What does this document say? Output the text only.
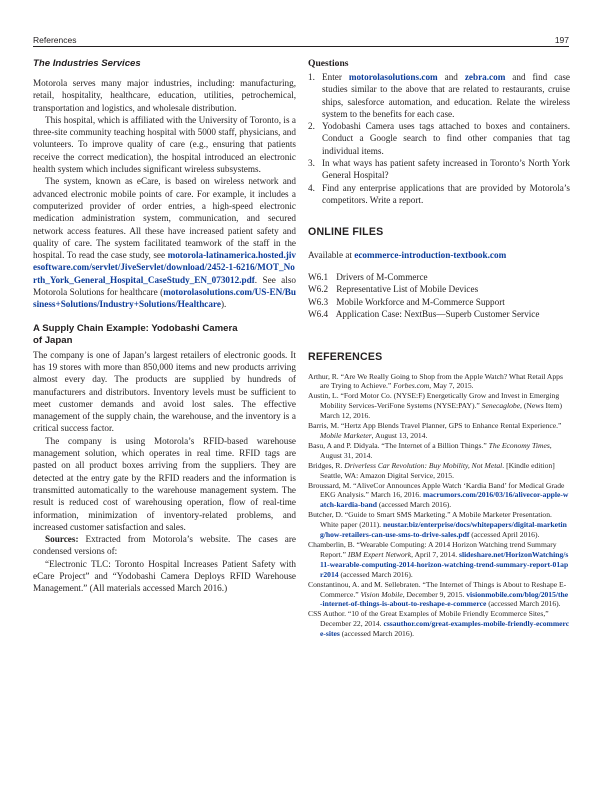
References	197
The Industries Services

Motorola serves many major industries, including: manufacturing, retail, hospitality, healthcare, education, utilities, petrochemical, transportation and logistics, and wholesale distribution.

This hospital, which is affiliated with the University of Toronto, is a three-site community teaching hospital with 5000 staff, physicians, and volunteers. To improve quality of care (e.g., ensuring that patients receive the correct medication), the hospital introduced an electronic health system which includes significant wireless subsystems.

The system, known as eCare, is based on wireless network and advanced electronic mobile points of care. For example, it includes a computerized provider of order entries, a high-speed electronic medication administration system, communication, and secured network access features. All these have increased patient safety and quality of care. The system facilitated teamwork of the staff in the hospital. To read the case study, see motorola-latinamerica.hosted.jivesoftware.com/servlet/JiveServlet/download/2452-1-6216/MOT_North_York_General_Hospital_CaseStudy_EN_073012.pdf. See also Motorola Solutions for healthcare (motorolasolutions.com/US-EN/Business+Solutions/Industry+Solutions/Healthcare).

A Supply Chain Example: Yodobashi Camera
of Japan

The company is one of Japan’s largest retailers of electronic goods. It has 19 stores with more than 850,000 items and new products arriving almost every day. The products are supplied by hundreds of manufacturers and distributors. Inventory levels must be sufficient to meet customer demands and avoid lost sales. The effective management of the supply chain, the warehouse, and the inventory is a critical success factor.

The company is using Motorola’s RFID-based warehouse management solution, which operates in real time. RFID tags are pasted on all product boxes arriving from the suppliers. They are detected at the entry gate by the RFID readers and the information is transmitted automatically to the warehouse management system. The result is reduced cost of warehousing operation, flow of real-time information, minimization of inventory-related problems, and increased customer satisfaction and sales.

Sources: Extracted from Motorola’s website. The cases are condensed versions of:

“Electronic TLC: Toronto Hospital Increases Patient Safety with eCare Project” and “Yodobashi Camera Deploys RFID Warehouse Management.” (All materials accessed March 2016.)

Questions
1. Enter motorolasolutions.com and zebra.com and find case studies similar to the above that are related to restaurants, cruise ships, salesforce automation, and education. Relate the wireless system to the benefits for each case.
2. Yodobashi Camera uses tags attached to boxes and containers. Conduct a Google search to find other companies that tag individual items.
3. In what ways has patient safety increased in Toronto’s North York General Hospital?
4. Find any enterprise applications that are provided by Motorola’s competitors. Write a report.
ONLINE FILES

Available at ecommerce-introduction-textbook.com

W6.1 Drivers of M-Commerce
W6.2 Representative List of Mobile Devices
W6.3 Mobile Workforce and M-Commerce Support
W6.4 Application Case: NextBus—Superb Customer Service
REFERENCES
Arthur, R. “Are We Really Going to Shop from the Apple Watch? What Retail Apps are Trying to Achieve.” Forbes.com, May 7, 2015.
Austin, L. “Ford Motor Co. (NYSE:F) Energetically Grow and Invest in Emerging Mobility Services-VeriFone Systems (NYSE:PAY).” Senecaglobe, (News Item) March 12, 2016.
Barris, M. “Hertz App Blends Travel Planner, GPS to Enhance Rental Experience.” Mobile Marketer, August 13, 2014.
Basu, A and P. Didyala. “The Internet of a Billion Things.” The Economy Times, August 31, 2014.
Bridges, R. Driverless Car Revolution: Buy Mobility, Not Metal. [Kindle edition] Seattle, WA: Amazon Digital Service, 2015.
Broussard, M. “AliveCor Announces Apple Watch ‘Kardia Band’ for Medical Grade EKG Analysis.” March 16, 2016. macrumors.com/2016/03/16/alivecor-apple-watch-kardia-band (accessed March 2016).
Butcher, D. “Guide to Smart SMS Marketing.” A Mobile Marketer Presentation. White paper (2011). neustar.biz/enterprise/docs/whitepapers/digital-marketing/how-retailers-can-use-sms-to-drive-sales.pdf (accessed April 2016).
Chamberlin, B. “Wearable Computing: A 2014 Horizon Watching trend Summary Report.” IBM Expert Network, April 7, 2014. slideshare.net/HorizonWatching/s11-wearable-computing-2014-horizon-watching-trend-summary-report-01apr2014 (accessed March 2016).
Constantinou, A. and M. Sellebraten. “The Internet of Things is About to Reshape E-Commerce.” Vision Mobile, December 9, 2015. visionmobile.com/blog/2015/the-internet-of-things-is-about-to-reshape-e-commerce (accessed March 2016).
CSS Author. “10 of the Great Examples of Mobile Friendly Ecommerce Sites,” December 22, 2014. cssauthor.com/great-examples-mobile-friendly-ecommerce-sites (accessed March 2016).
